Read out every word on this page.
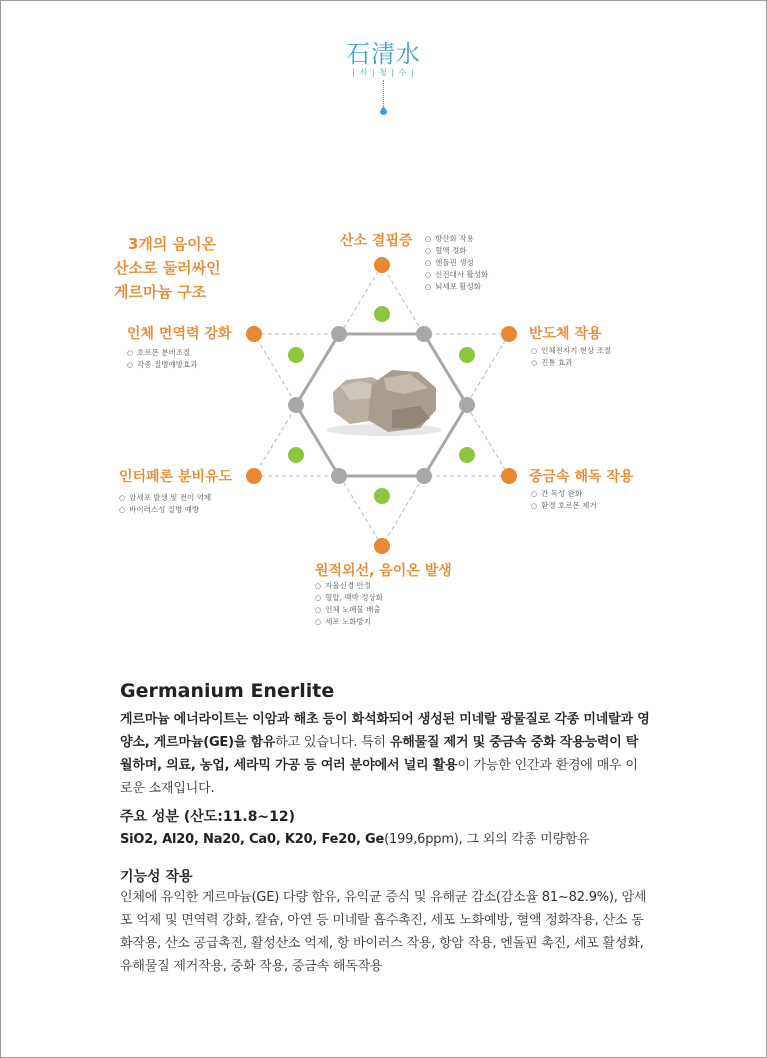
石清水
| 석 | 청 | 수 |
3개의 음이온
산소로 둘러싸인
게르마늄 구조
산소 결핍증
○	항산화 작용
○ 혈액 정화
○ 엔돌핀 생성
○ 신진대사 활성화
○ 뇌세포 활성화
반도체 작용
○ 인체전자기 현상 조절
○ 진통 효과
중금속 해독 작용
○ 간 독성 완화
○ 환경 호르몬 제거
원적외선, 음이온 발생
○ 자율신경 안정
○ 혈압, 맥박 정상화
○ 인체 노폐물 배출
○ 세포 노화방지
인터페론 분비유도
○ 암세포 발생 및 전이 억제
○ 바이러스성 질병 예방
인체 면역력 강화
○ 호르몬 분비조절
○ 각종 질병예방효과
Germanium Enerlite
게르마늄 에너라이트는 이암과 해초 등이 화석화되어 생성된 미네랄 광물질로 각종 미네랄과 영양소, 게르마늄(GE)을 함유하고 있습니다. 특히 유해물질 제거 및 중금속 중화 작용능력이 탁월하며, 의료, 농업, 세라믹 가공 등 여러 분야에서 널리 활용이 가능한 인간과 환경에 매우 이로운 소재입니다.
주요 성분 (산도:11.8~12)
SiO2, Al20, Na20, Ca0, K20, Fe20, Ge(199,6ppm), 그 외의 각종 미량함유
기능성 작용
인체에 유익한 게르마늄(GE) 다량 함유, 유익균 증식 및 유해균 감소(감소율 81~82.9%), 암세포 억제 및 면역력 강화, 칼슘, 아연 등 미네랄 흡수촉진, 세포 노화예방, 혈액 정화작용, 산소 동화작용, 산소 공급촉진, 활성산소 억제, 항 바이러스 작용, 항암 작용, 엔돌핀 촉진, 세포 활성화, 유해물질 제거작용, 중화 작용, 중금속 해독작용
